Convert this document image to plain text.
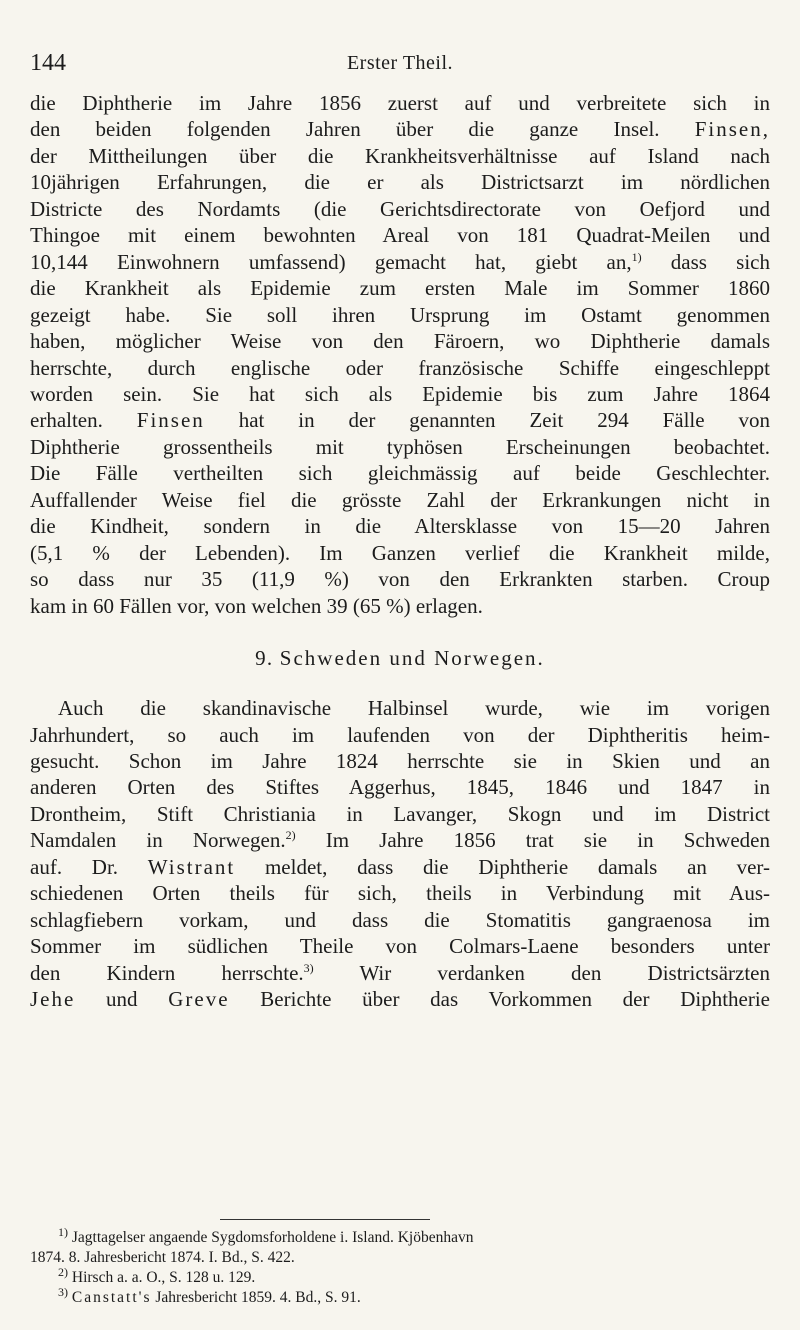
144	Erster Theil.

die Diphtherie im Jahre 1856 zuerst auf und verbreitete sich in
den beiden folgenden Jahren über die ganze Insel. Finsen,
der Mittheilungen über die Krankheitsverhältnisse auf Island nach
10jährigen Erfahrungen, die er als Districtsarzt im nördlichen
Districte des Nordamts (die Gerichtsdirectorate von Oefjord und
Thingoe mit einem bewohnten Areal von 181 Quadrat-Meilen und
10,144 Einwohnern umfassend) gemacht hat, giebt an,$^{1)}$ dass sich
die Krankheit als Epidemie zum ersten Male im Sommer 1860
gezeigt habe. Sie soll ihren Ursprung im Ostamt genommen
haben, möglicher Weise von den Färoern, wo Diphtherie damals
herrschte, durch englische oder französische Schiffe eingeschleppt
worden sein. Sie hat sich als Epidemie bis zum Jahre 1864
erhalten. Finsen hat in der genannten Zeit 294 Fälle von
Diphtherie grossentheils mit typhösen Erscheinungen beobachtet.
Die Fälle vertheilten sich gleichmässig auf beide Geschlechter.
Auffallender Weise fiel die grösste Zahl der Erkrankungen nicht in
die Kindheit, sondern in die Altersklasse von 15—20 Jahren
(5,1 % der Lebenden). Im Ganzen verlief die Krankheit milde,
so dass nur 35 (11,9 %) von den Erkrankten starben. Croup
kam in 60 Fällen vor, von welchen 39 (65 %) erlagen.

9. Schweden und Norwegen.

Auch die skandinavische Halbinsel wurde, wie im vorigen
Jahrhundert, so auch im laufenden von der Diphtheritis heim-
gesucht. Schon im Jahre 1824 herrschte sie in Skien und an
anderen Orten des Stiftes Aggerhus, 1845, 1846 und 1847 in
Drontheim, Stift Christiania in Lavanger, Skogn und im District
Namdalen in Norwegen.$^{2)}$ Im Jahre 1856 trat sie in Schweden
auf. Dr. Wistrant meldet, dass die Diphtherie damals an ver-
schiedenen Orten theils für sich, theils in Verbindung mit Aus-
schlagfiebern vorkam, und dass die Stomatitis gangraenosa im
Sommer im südlichen Theile von Colmars-Laene besonders unter
den Kindern herrschte.$^{3)}$ Wir verdanken den Districtsärzten
Jehe und Greve Berichte über das Vorkommen der Diphtherie

$^{1)}$ Jagttagelser angaende Sygdomsforholdene i. Island. Kjöbenhavn

1874. 8. Jahresbericht 1874. I. Bd., S. 422.

$^{2)}$ Hirsch a. a. O., S. 128 u. 129.

$^{3)}$ Canstatt's Jahresbericht 1859. 4. Bd., S. 91.
